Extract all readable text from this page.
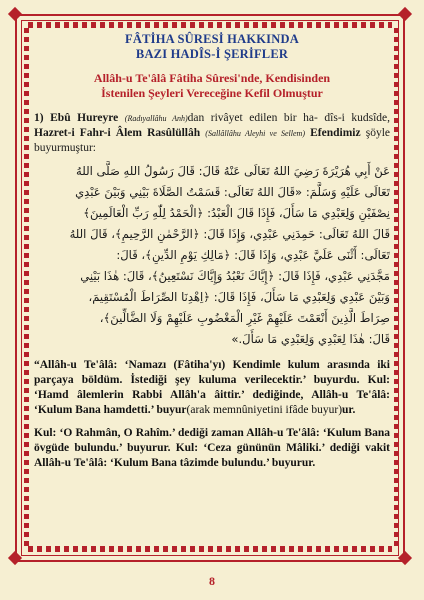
FÂTİHA SÛRESİ HAKKINDA
BAZI HADÎS-İ ŞERİFLER
Allâh-u Te'âlâ Fâtiha Sûresi'nde, Kendisinden
İstenilen Şeyleri Vereceğine Kefil Olmuştur
1) Ebû Hureyre (Radıyallâhu Anh)dan rivâyet edilen bir ha- dîs-i kudsîde, Hazret-i Fahr-i Âlem Rasûlüllâh (Sallâllâhu Aleyhi ve Sellem) Efendimiz şöyle buyurmuştur:
عَنْ أَبِي هُرَيْرَةَ رَضِيَ اللهُ تَعَالَى عَنْهُ قَالَ: قَالَ رَسُولُ اللهِ صَلَّى اللهُ
تَعَالَى عَلَيْهِ وَسَلَّمَ: «قَالَ اللهُ تَعَالَى: قَسَمْتُ الصَّلَاةَ بَيْنِي وَبَيْنَ عَبْدِي
نِصْفَيْنِ وَلِعَبْدِي مَا سَأَلَ، فَإِذَا قَالَ الْعَبْدُ: ﴿الْحَمْدُ لِلّٰهِ رَبِّ الْعَالَمِينَ﴾
قَالَ اللهُ تَعَالَى: حَمِدَنِي عَبْدِي، وَإِذَا قَالَ: ﴿الرَّحْمٰنِ الرَّحِيمِ﴾، قَالَ اللهُ
تَعَالَى: أَثْنَى عَلَيَّ عَبْدِي، وَإِذَا قَالَ: ﴿مَالِكِ يَوْمِ الدِّينِ﴾، قَالَ:
مَجَّدَنِي عَبْدِي، فَإِذَا قَالَ: ﴿إِيَّاكَ نَعْبُدُ وَإِيَّاكَ نَسْتَعِينُ﴾، قَالَ: هٰذَا بَيْنِي
وَبَيْنَ عَبْدِي وَلِعَبْدِي مَا سَأَلَ، فَإِذَا قَالَ: ﴿اِهْدِنَا الصِّرَاطَ الْمُسْتَقِيمَ،
صِرَاطَ الَّذِينَ أَنْعَمْتَ عَلَيْهِمْ غَيْرِ الْمَغْضُوبِ عَلَيْهِمْ وَلَا الضَّالِّينَ﴾،
قَالَ: هٰذَا لِعَبْدِي وَلِعَبْدِي مَا سَأَلَ.»
“Allâh-u Te'âlâ: ‘Namazı (Fâtiha'yı) Kendimle kulum arasında iki parçaya böldüm. İstediği şey kuluma verilecektir.’ buyurdu. Kul: ‘Hamd âlemlerin Rabbi Allâh'a âittir.’ dediğinde, Allâh-u Te'âlâ: ‘Kulum Bana hamdetti.’ buyur(arak memnûniyetini ifâde buyur)ur.
Kul: ‘O Rahmân, O Rahîm.’ dediği zaman Allâh-u Te'âlâ: ‘Kulum Bana övgüde bulundu.’ buyurur. Kul: ‘Ceza gününün Mâliki.’ dediği vakit Allâh-u Te'âlâ: ‘Kulum Bana tâzimde bulundu.’ buyurur.
8
